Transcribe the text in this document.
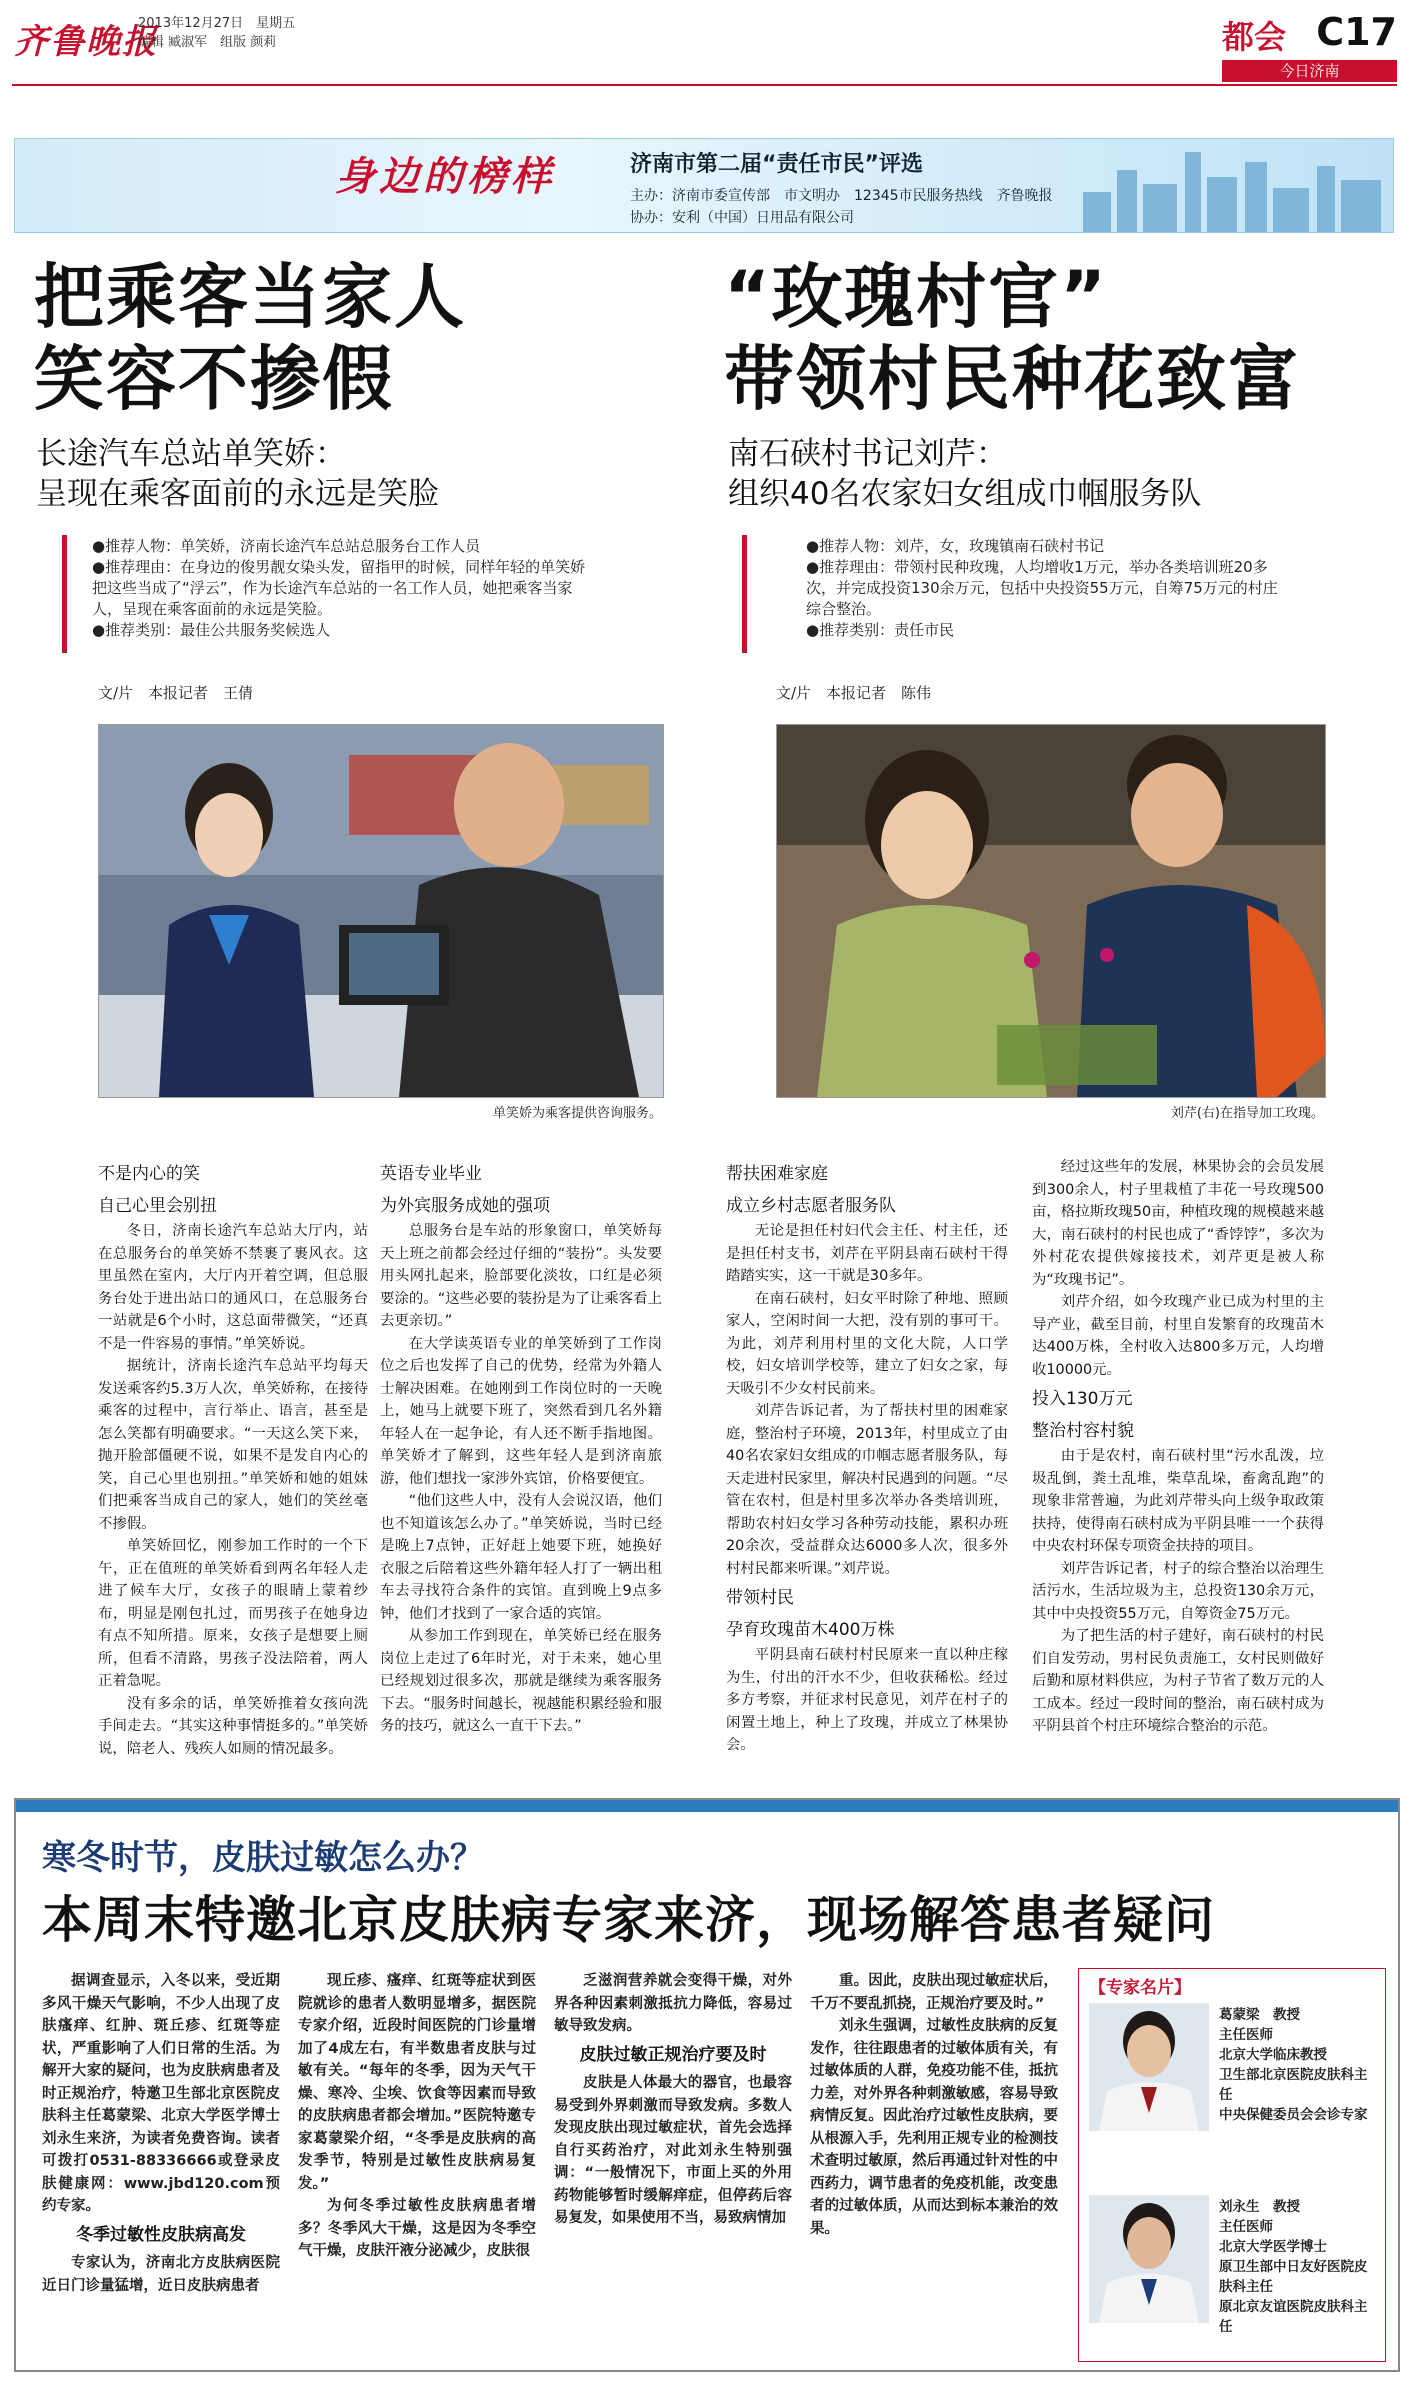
齐鲁晚报
2013年12月27日　星期五
编辑 臧淑军　组版 颜莉	都会 C17
今日济南
身边的榜样	济南市第二届“责任市民”评选
主办：济南市委宣传部　市文明办　12345市民服务热线　齐鲁晚报
协办：安利（中国）日用品有限公司
把乘客当家人
笑容不掺假
长途汽车总站单笑娇：
呈现在乘客面前的永远是笑脸

●推荐人物：单笑娇，济南长途汽车总站总服务台工作人员

●推荐理由：在身边的俊男靓女染头发，留指甲的时候，同样年轻的单笑娇把这些当成了“浮云”，作为长途汽车总站的一名工作人员，她把乘客当家人，呈现在乘客面前的永远是笑脸。

●推荐类别：最佳公共服务奖候选人

文/片　本报记者　王倩
单笑娇为乘客提供咨询服务。

不是内心的笑

自己心里会别扭

冬日，济南长途汽车总站大厅内，站在总服务台的单笑娇不禁裹了裹风衣。这里虽然在室内，大厅内开着空调，但总服务台处于进出站口的通风口，在总服务台一站就是6个小时，这总面带微笑，“还真不是一件容易的事情。”单笑娇说。

据统计，济南长途汽车总站平均每天发送乘客约5.3万人次，单笑娇称，在接待乘客的过程中，言行举止、语言，甚至是怎么笑都有明确要求。“一天这么笑下来，抛开脸部僵硬不说，如果不是发自内心的笑，自己心里也别扭。”单笑娇和她的姐妹们把乘客当成自己的家人，她们的笑丝毫不掺假。

单笑娇回忆，刚参加工作时的一个下午，正在值班的单笑娇看到两名年轻人走进了候车大厅，女孩子的眼睛上蒙着纱布，明显是刚包扎过，而男孩子在她身边有点不知所措。原来，女孩子是想要上厕所，但看不清路，男孩子没法陪着，两人正着急呢。

没有多余的话，单笑娇推着女孩向洗手间走去。“其实这种事情挺多的。”单笑娇说，陪老人、残疾人如厕的情况最多。

英语专业毕业

为外宾服务成她的强项

总服务台是车站的形象窗口，单笑娇每天上班之前都会经过仔细的“装扮”。头发要用头网扎起来，脸部要化淡妆，口红是必须要涂的。“这些必要的装扮是为了让乘客看上去更亲切。”

在大学读英语专业的单笑娇到了工作岗位之后也发挥了自己的优势，经常为外籍人士解决困难。在她刚到工作岗位时的一天晚上，她马上就要下班了，突然看到几名外籍年轻人在一起争论，有人还不断手指地图。单笑娇才了解到，这些年轻人是到济南旅游，他们想找一家涉外宾馆，价格要便宜。

“他们这些人中，没有人会说汉语，他们也不知道该怎么办了。”单笑娇说，当时已经是晚上7点钟，正好赶上她要下班，她换好衣服之后陪着这些外籍年轻人打了一辆出租车去寻找符合条件的宾馆。直到晚上9点多钟，他们才找到了一家合适的宾馆。

从参加工作到现在，单笑娇已经在服务岗位上走过了6年时光，对于未来，她心里已经规划过很多次，那就是继续为乘客服务下去。“服务时间越长，视越能积累经验和服务的技巧，就这么一直干下去。”

“玫瑰村官”
带领村民种花致富
南石硖村书记刘芹：
组织40名农家妇女组成巾帼服务队

●推荐人物：刘芹，女，玫瑰镇南石硖村书记

●推荐理由：带领村民种玫瑰，人均增收1万元，举办各类培训班20多次，并完成投资130余万元，包括中央投资55万元，自筹75万元的村庄综合整治。

●推荐类别：责任市民

文/片　本报记者　陈伟
刘芹(右)在指导加工玫瑰。

帮扶困难家庭

成立乡村志愿者服务队

无论是担任村妇代会主任、村主任，还是担任村支书，刘芹在平阴县南石硖村干得踏踏实实，这一干就是30多年。

在南石硖村，妇女平时除了种地、照顾家人，空闲时间一大把，没有别的事可干。为此，刘芹利用村里的文化大院，人口学校，妇女培训学校等，建立了妇女之家，每天吸引不少女村民前来。

刘芹告诉记者，为了帮扶村里的困难家庭，整治村子环境，2013年，村里成立了由40名农家妇女组成的巾帼志愿者服务队，每天走进村民家里，解决村民遇到的问题。“尽管在农村，但是村里多次举办各类培训班，帮助农村妇女学习各种劳动技能，累积办班20余次，受益群众达6000多人次，很多外村村民都来听课。”刘芹说。

带领村民

孕育玫瑰苗木400万株

平阴县南石硖村村民原来一直以种庄稼为生，付出的汗水不少，但收获稀松。经过多方考察，并征求村民意见，刘芹在村子的闲置土地上，种上了玫瑰，并成立了林果协会。

经过这些年的发展，林果协会的会员发展到300余人，村子里栽植了丰花一号玫瑰500亩，格拉斯玫瑰50亩，种植玫瑰的规模越来越大，南石硖村的村民也成了“香饽饽”，多次为外村花农提供嫁接技术，刘芹更是被人称为“玫瑰书记”。

刘芹介绍，如今玫瑰产业已成为村里的主导产业，截至目前，村里自发繁育的玫瑰苗木达400万株，全村收入达800多万元，人均增收10000元。

投入130万元

整治村容村貌

由于是农村，南石硖村里“污水乱泼，垃圾乱倒，粪土乱堆，柴草乱垛，畜禽乱跑”的现象非常普遍，为此刘芹带头向上级争取政策扶持，使得南石硖村成为平阴县唯一一个获得中央农村环保专项资金扶持的项目。

刘芹告诉记者，村子的综合整治以治理生活污水，生活垃圾为主，总投资130余万元，其中中央投资55万元，自筹资金75万元。

为了把生活的村子建好，南石硖村的村民们自发劳动，男村民负责施工，女村民则做好后勤和原材料供应，为村子节省了数万元的人工成本。经过一段时间的整治，南石硖村成为平阴县首个村庄环境综合整治的示范。

寒冬时节，皮肤过敏怎么办？
本周末特邀北京皮肤病专家来济，现场解答患者疑问

据调查显示，入冬以来，受近期多风干燥天气影响，不少人出现了皮肤瘙痒、红肿、斑丘疹、红斑等症状，严重影响了人们日常的生活。为解开大家的疑问，也为皮肤病患者及时正规治疗，特邀卫生部北京医院皮肤科主任葛蒙梁、北京大学医学博士刘永生来济，为读者免费咨询。读者可拨打0531-88336666或登录皮肤健康网：www.jbd120.com预约专家。

冬季过敏性皮肤病高发

专家认为，济南北方皮肤病医院近日门诊量猛增，近日皮肤病患者

现丘疹、瘙痒、红斑等症状到医院就诊的患者人数明显增多，据医院专家介绍，近段时间医院的门诊量增加了4成左右，有半数患者皮肤与过敏有关。“每年的冬季，因为天气干燥、寒冷、尘埃、饮食等因素而导致的皮肤病患者都会增加。”医院特邀专家葛蒙梁介绍，“冬季是皮肤病的高发季节，特别是过敏性皮肤病易复发。”

为何冬季过敏性皮肤病患者增多？冬季风大干燥，这是因为冬季空气干燥，皮肤汗液分泌减少，皮肤很

乏滋润营养就会变得干燥，对外界各种因素刺激抵抗力降低，容易过敏导致发病。

皮肤过敏正规治疗要及时

皮肤是人体最大的器官，也最容易受到外界刺激而导致发病。多数人发现皮肤出现过敏症状，首先会选择自行买药治疗，对此刘永生特别强调：“一般情况下，市面上买的外用药物能够暂时缓解痒症，但停药后容易复发，如果使用不当，易致病情加

重。因此，皮肤出现过敏症状后，千万不要乱抓挠，正规治疗要及时。”

刘永生强调，过敏性皮肤病的反复发作，往往跟患者的过敏体质有关，有过敏体质的人群，免疫功能不佳，抵抗力差，对外界各种刺激敏感，容易导致病情反复。因此治疗过敏性皮肤病，要从根源入手，先利用正规专业的检测技术查明过敏原，然后再通过针对性的中西药力，调节患者的免疫机能，改变患者的过敏体质，从而达到标本兼治的效果。

【专家名片】
葛蒙梁　教授
主任医师
北京大学临床教授
卫生部北京医院皮肤科主任
中央保健委员会会诊专家
刘永生　教授
主任医师
北京大学医学博士
原卫生部中日友好医院皮肤科主任
原北京友谊医院皮肤科主任
